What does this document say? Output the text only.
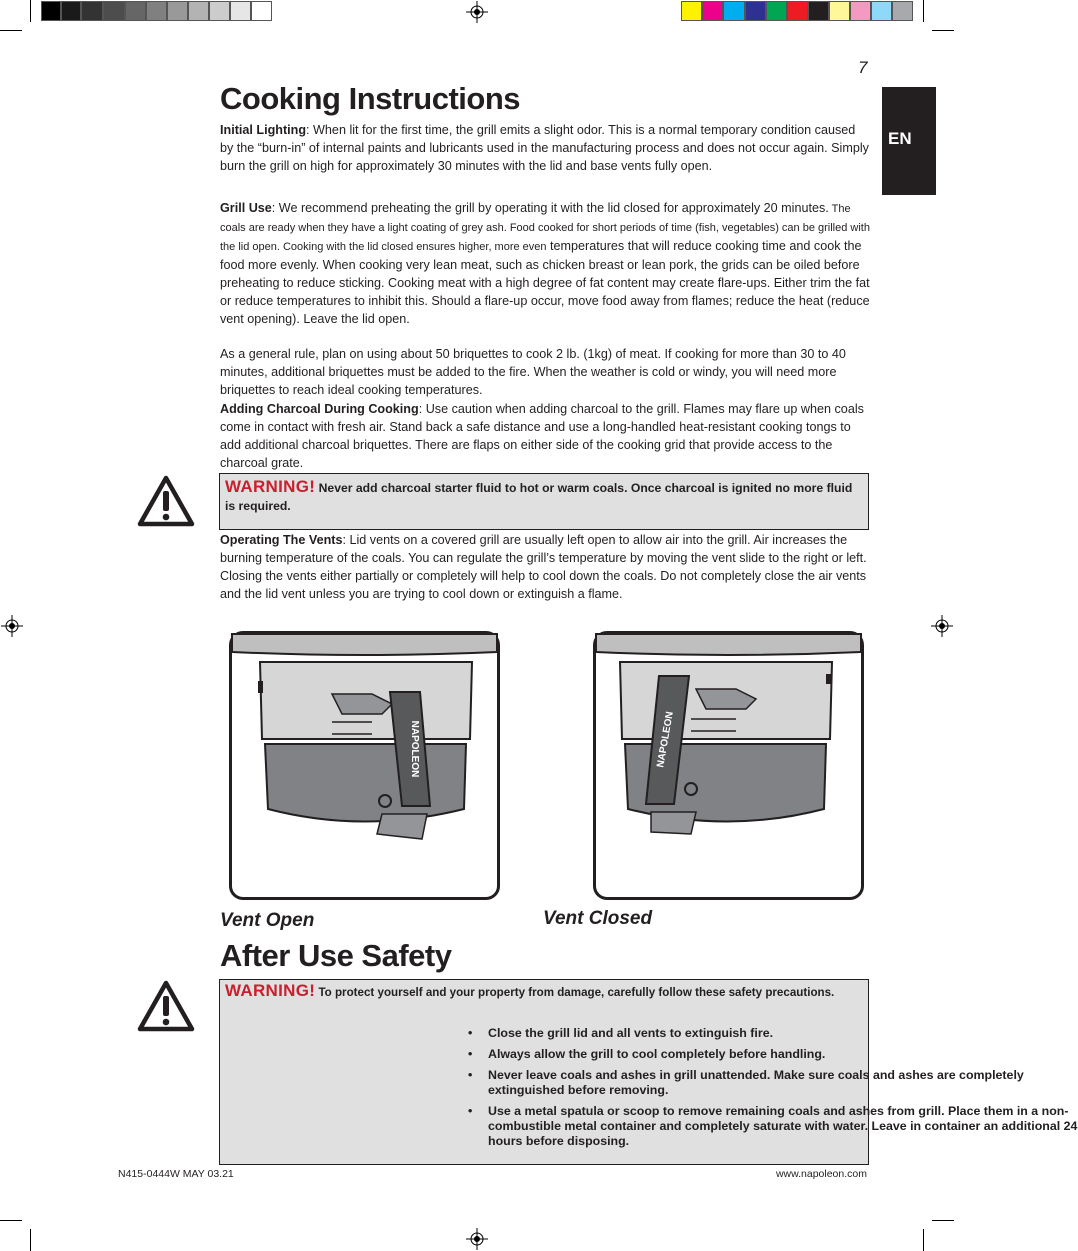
7
EN
Cooking Instructions

Initial Lighting: When lit for the first time, the grill emits a slight odor. This is a normal temporary condition caused by the “burn-in” of internal paints and lubricants used in the manufacturing process and does not occur again. Simply burn the grill on high for approximately 30 minutes with the lid and base vents fully open.

Grill Use: We recommend preheating the grill by operating it with the lid closed for approximately 20 minutes. The coals are ready when they have a light coating of grey ash. Food cooked for short periods of time (fish, vegetables) can be grilled with the lid open. Cooking with the lid closed ensures higher, more even temperatures that will reduce cooking time and cook the food more evenly. When cooking very lean meat, such as chicken breast or lean pork, the grids can be oiled before preheating to reduce sticking. Cooking meat with a high degree of fat content may create flare-ups. Either trim the fat or reduce temperatures to inhibit this. Should a flare-up occur, move food away from flames; reduce the heat (reduce vent opening). Leave the lid open.

As a general rule, plan on using about 50 briquettes to cook 2 lb. (1kg) of meat. If cooking for more than 30 to 40 minutes, additional briquettes must be added to the fire. When the weather is cold or windy, you will need more briquettes to reach ideal cooking temperatures.

Adding Charcoal During Cooking: Use caution when adding charcoal to the grill. Flames may flare up when coals come in contact with fresh air. Stand back a safe distance and use a long-handled heat-resistant cooking tongs to add additional charcoal briquettes. There are flaps on either side of the cooking grid that provide access to the charcoal grate.

WARNING! Never add charcoal starter fluid to hot or warm coals. Once charcoal is ignited no more fluid is required.

Operating The Vents: Lid vents on a covered grill are usually left open to allow air into the grill. Air increases the burning temperature of the coals. You can regulate the grill’s temperature by moving the vent slide to the right or left. Closing the vents either partially or completely will help to cool down the coals. Do not completely close the air vents and the lid vent unless you are trying to cool down or extinguish a flame.

NAPOLEON	NAPOLEON
Vent Open	Vent Closed
After Use Safety
WARNING! To protect yourself and your property from damage, carefully follow these safety precautions.
• Close the grill lid and all vents to extinguish fire.
• Always allow the grill to cool completely before handling.
• Never leave coals and ashes in grill unattended. Make sure coals and ashes are completely extinguished before removing.
• Use a metal spatula or scoop to remove remaining coals and ashes from grill. Place them in a non-combustible metal container and completely saturate with water. Leave in container an additional 24 hours before disposing.
N415-0444W MAY 03.21	www.napoleon.com
